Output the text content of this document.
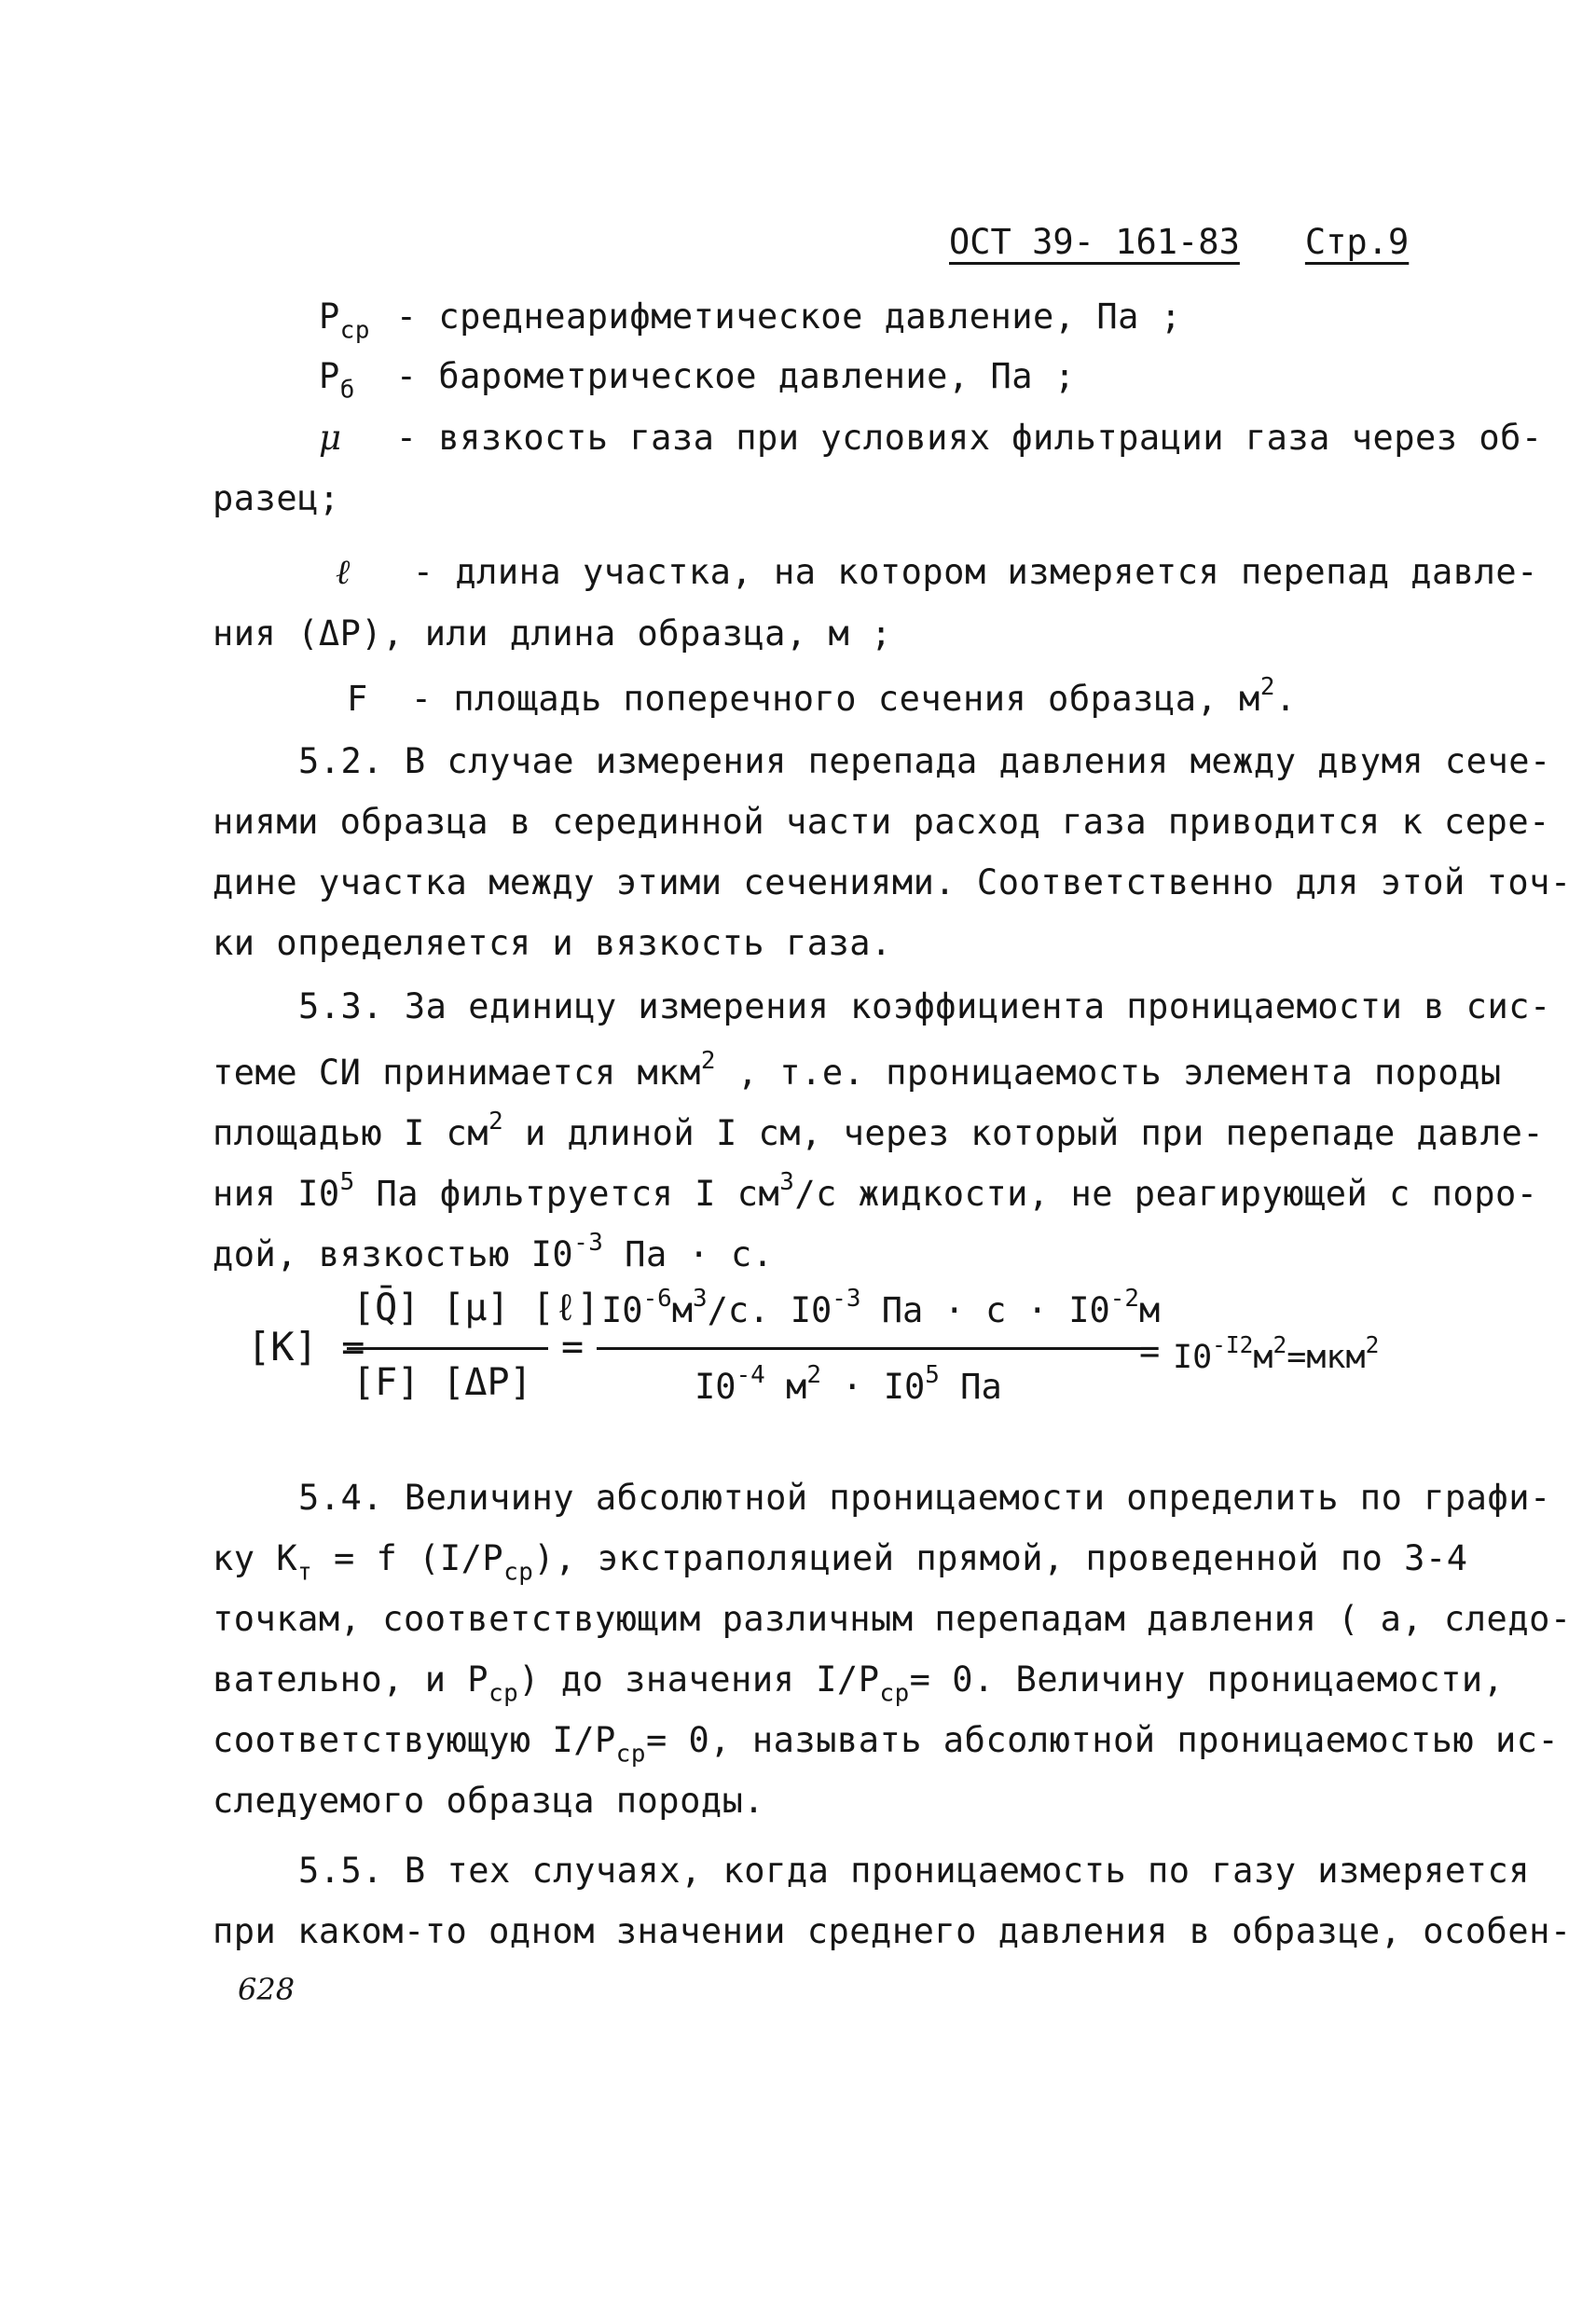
ОСТ 39- 161-83 Стр.9
$P_{ср}$ - среднеарифметическое давление, Па ;
$P_б$ - барометрическое давление, Па ;
μ - вязкость газа при условиях фильтрации газа через об-
разец;
ℓ - длина участка, на котором измеряется перепад давле-
ния (ΔP), или длина образца, м ;
F - площадь поперечного сечения образца, $м^2$.
5.2. В случае измерения перепада давления между двумя сече-
ниями образца в серединной части расход газа приводится к сере-
дине участка между этими сечениями. Соответственно для этой точ-
ки определяется и вязкость газа.
5.3. За единицу измерения коэффициента проницаемости в сис-
теме СИ принимается мкм$^2$ , т.е. проницаемость элемента породы
площадью I $см^2$ и длиной I см, через который при перепаде давле-
ния $I0^5$ Па фильтруется I $см^3/с$ жидкости, не реагирующей с поро-
дой, вязкостью $I0^{-3}$ Па · с.
[K] =
[Q̄] [μ] [ℓ]
[F] [ΔP]
=
$I0^{-6}м^3/с$. $I0^{-3}$ Па · $с \cdot I0^{-2}м$
$I0^{-4}$ $м^2 \cdot I0^5$ Па
= $I0^{-I2}м^2=мкм^2$
5.4. Величину абсолютной проницаемости определить по графи-
ку $K_т = f$ $(I/P_{ср})$, экстраполяцией прямой, проведенной по 3-4
точкам, соответствующим различным перепадам давления ( а, следо-
вательно, и $P_{ср}$) до значения $I/P_{ср}= 0$. Величину проницаемости,
соответствующую $I/P_{ср}= 0$, называть абсолютной проницаемостью ис-
следуемого образца породы.
5.5. В тех случаях, когда проницаемость по газу измеряется
при каком-то одном значении среднего давления в образце, особен-
628
